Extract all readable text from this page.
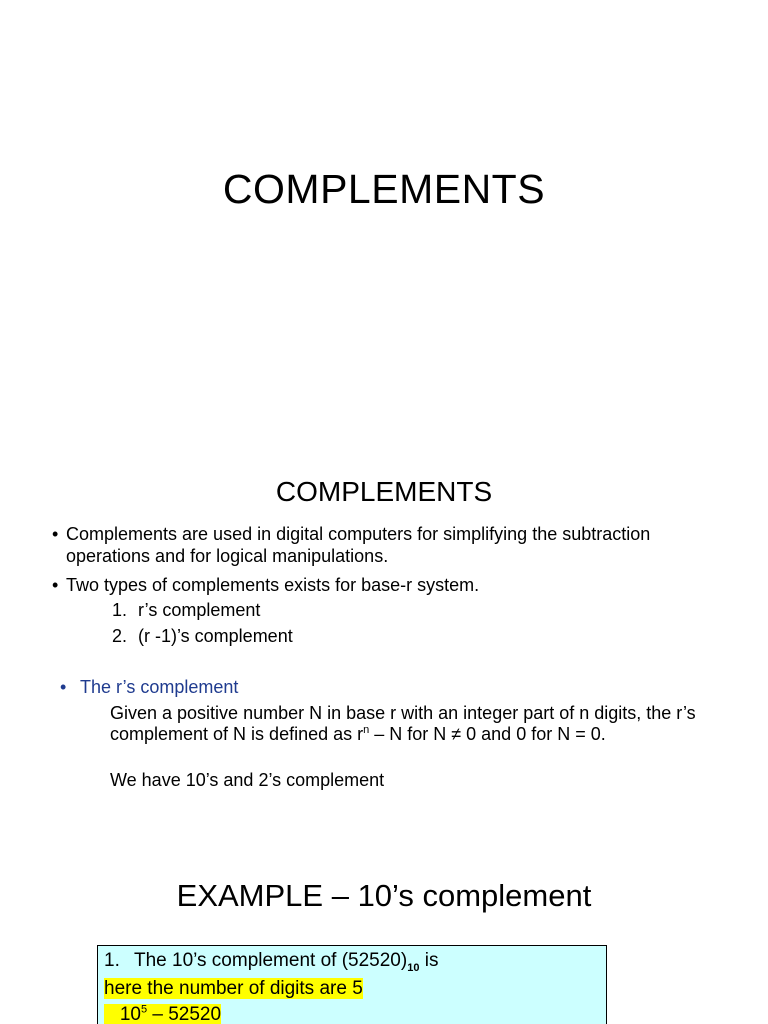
COMPLEMENTS
COMPLEMENTS
• Complements are used in digital computers for simplifying the subtraction operations and for logical manipulations.
• Two types of complements exists for base-r system.
1. r’s complement
2. (r -1)’s complement
• The r’s complement
Given a positive number N in base r with an integer part of n digits, the r’s complement of N is defined as $r^n$ – N for N ≠ 0 and 0 for N = 0.
We have 10’s and 2’s complement
EXAMPLE – 10’s complement
1. The 10’s complement of $(52520)_{10}$ is
here the number of digits are 5
$10^5 - 52520$
